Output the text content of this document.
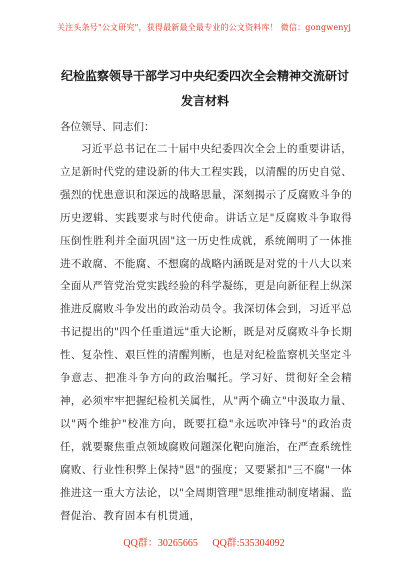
关注头条号"公文研究"，获得最新最全最专业的公文资料库！ 微信：gongwenyj
纪检监察领导干部学习中央纪委四次全会精神交流研讨发言材料
各位领导、同志们：
习近平总书记在二十届中央纪委四次全会上的重要讲话，立足新时代党的建设新的伟大工程实践，以清醒的历史自觉、强烈的忧患意识和深远的战略思量，深刻揭示了反腐败斗争的历史逻辑、实践要求与时代使命。讲话立足"反腐败斗争取得压倒性胜利并全面巩固"这一历史性成就，系统阐明了一体推进不敢腐、不能腐、不想腐的战略内涵既是对党的十八大以来全面从严管党治党实践经验的科学凝练，更是向新征程上纵深推进反腐败斗争发出的政治动员令。我深切体会到，习近平总书记提出的"四个任重道远"重大论断，既是对反腐败斗争长期性、复杂性、艰巨性的清醒判断，也是对纪检监察机关坚定斗争意志、把准斗争方向的政治嘱托。学习好、贯彻好全会精神，必须牢牢把握纪检机关属性，从"两个确立"中汲取力量、以"两个维护"校准方向，既要扛稳"永远吹冲锋号"的政治责任，就要聚焦重点领域腐败问题深化靶向施治，在严查系统性腐败、行业性积弊上保持"恩"的强度；又要紧扣"三不腐"一体推进这一重大方法论，以"全周期管理"思维推动制度堵漏、监督促治、教育固本有机贯通，
QQ群：30265665 QQ群:535304092
